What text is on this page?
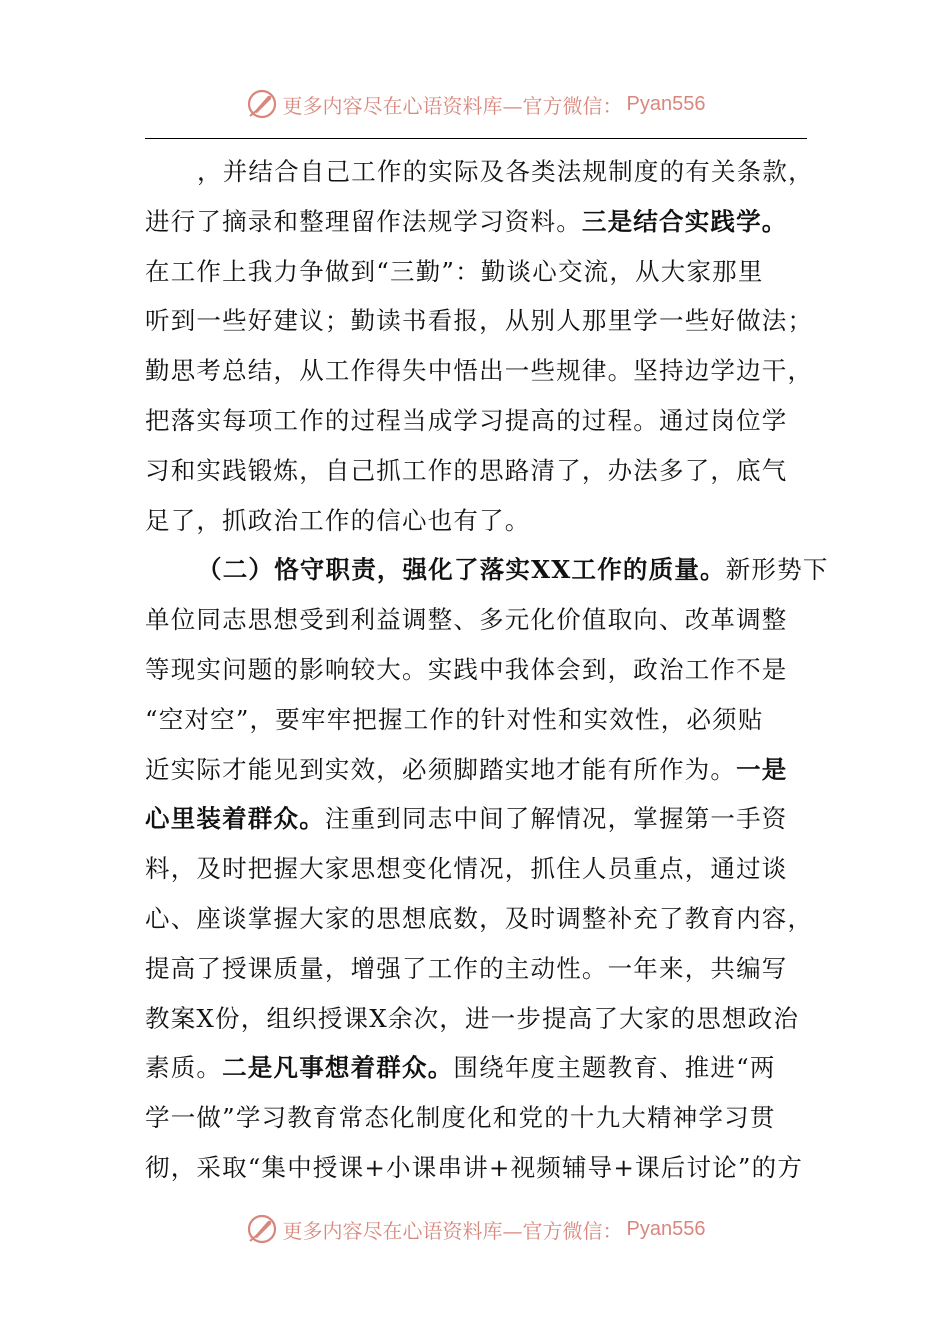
更多内容尽在心语资料库—官方微信： Pyan556
，并结合自己工作的实际及各类法规制度的有关条款，
进行了摘录和整理留作法规学习资料。三是结合实践学。
在工作上我力争做到“三勤”：勤谈心交流，从大家那里
听到一些好建议；勤读书看报，从别人那里学一些好做法；
勤思考总结，从工作得失中悟出一些规律。坚持边学边干，
把落实每项工作的过程当成学习提高的过程。通过岗位学
习和实践锻炼，自己抓工作的思路清了，办法多了，底气
足了，抓政治工作的信心也有了。
（二）恪守职责，强化了落实XX工作的质量。新形势下
单位同志思想受到利益调整、多元化价值取向、改革调整
等现实问题的影响较大。实践中我体会到，政治工作不是
“空对空”，要牢牢把握工作的针对性和实效性，必须贴
近实际才能见到实效，必须脚踏实地才能有所作为。一是
心里装着群众。注重到同志中间了解情况，掌握第一手资
料，及时把握大家思想变化情况，抓住人员重点，通过谈
心、座谈掌握大家的思想底数，及时调整补充了教育内容，
提高了授课质量，增强了工作的主动性。一年来，共编写
教案X份，组织授课X余次，进一步提高了大家的思想政治
素质。二是凡事想着群众。围绕年度主题教育、推进“两
学一做”学习教育常态化制度化和党的十九大精神学习贯
彻，采取“集中授课+小课串讲+视频辅导+课后讨论”的方
更多内容尽在心语资料库—官方微信： Pyan556
